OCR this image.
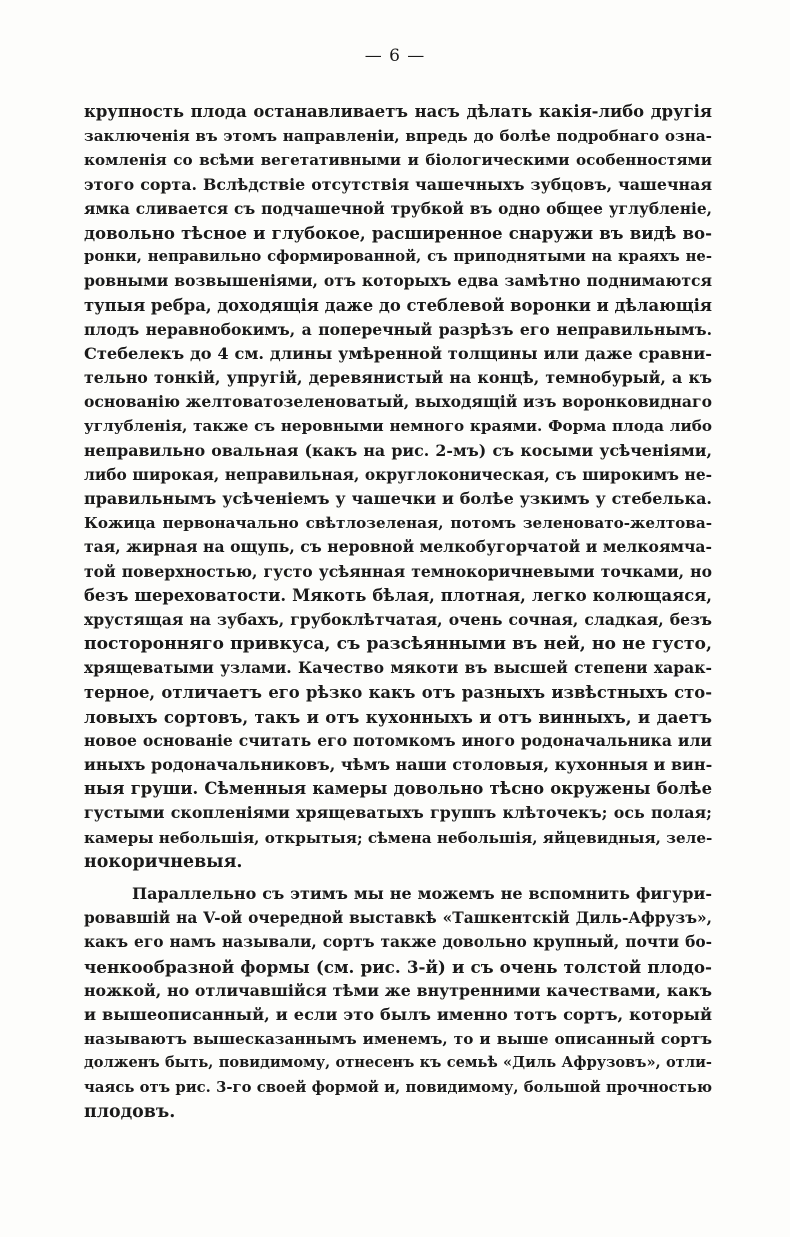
— 6 —
крупность плода останавливаетъ насъ дѣлать какія-либо другія
заключенія въ этомъ направленіи, впредь до болѣе подробнаго озна-
комленія со всѣми вегетативными и біологическими особенностями
этого сорта. Вслѣдствіе отсутствія чашечныхъ зубцовъ, чашечная
ямка сливается съ подчашечной трубкой въ одно общее углубленіе,
довольно тѣсное и глубокое, расширенное снаружи въ видѣ во-
ронки, неправильно сформированной, съ приподнятыми на краяхъ не-
ровными возвышеніями, отъ которыхъ едва замѣтно поднимаются
тупыя ребра, доходящія даже до стеблевой воронки и дѣлающія
плодъ неравнобокимъ, а поперечный разрѣзъ его неправильнымъ.
Стебелекъ до 4 см. длины умѣренной толщины или даже сравни-
тельно тонкій, упругій, деревянистый на концѣ, темнобурый, а къ
основанію желтоватозеленоватый, выходящій изъ воронковиднаго
углубленія, также съ неровными немного краями. Форма плода либо
неправильно овальная (какъ на рис. 2-мъ) съ косыми усѣченіями,
либо широкая, неправильная, округлоконическая, съ широкимъ не-
правильнымъ усѣченіемъ у чашечки и болѣе узкимъ у стебелька.
Кожица первоначально свѣтлозеленая, потомъ зеленовато-желтова-
тая, жирная на ощупь, съ неровной мелкобугорчатой и мелкоямча-
той поверхностью, густо усѣянная темнокоричневыми точками, но
безъ шереховатости. Мякоть бѣлая, плотная, легко колющаяся,
хрустящая на зубахъ, грубоклѣтчатая, очень сочная, сладкая, безъ
посторонняго привкуса, съ разсѣянными въ ней, но не густо,
хрящеватыми узлами. Качество мякоти въ высшей степени харак-
терное, отличаетъ его рѣзко какъ отъ разныхъ извѣстныхъ сто-
ловыхъ сортовъ, такъ и отъ кухонныхъ и отъ винныхъ, и даетъ
новое основаніе считать его потомкомъ иного родоначальника или
иныхъ родоначальниковъ, чѣмъ наши столовыя, кухонныя и вин-
ныя груши. Сѣменныя камеры довольно тѣсно окружены болѣе
густыми скопленіями хрящеватыхъ группъ клѣточекъ; ось полая;
камеры небольшія, открытыя; сѣмена небольшія, яйцевидныя, зеле-
нокоричневыя.
Параллельно съ этимъ мы не можемъ не вспомнить фигури-
ровавшій на V-ой очередной выставкѣ «Ташкентскій Диль-Афрузъ»,
какъ его намъ называли, сортъ также довольно крупный, почти бо-
ченкообразной формы (см. рис. 3-й) и съ очень толстой плодо-
ножкой, но отличавшійся тѣми же внутренними качествами, какъ
и вышеописанный, и если это былъ именно тотъ сортъ, который
называютъ вышесказаннымъ именемъ, то и выше описанный сортъ
долженъ быть, повидимому, отнесенъ къ семьѣ «Диль Афрузовъ», отли-
чаясь отъ рис. 3-го своей формой и, повидимому, большой прочностью
плодовъ.
